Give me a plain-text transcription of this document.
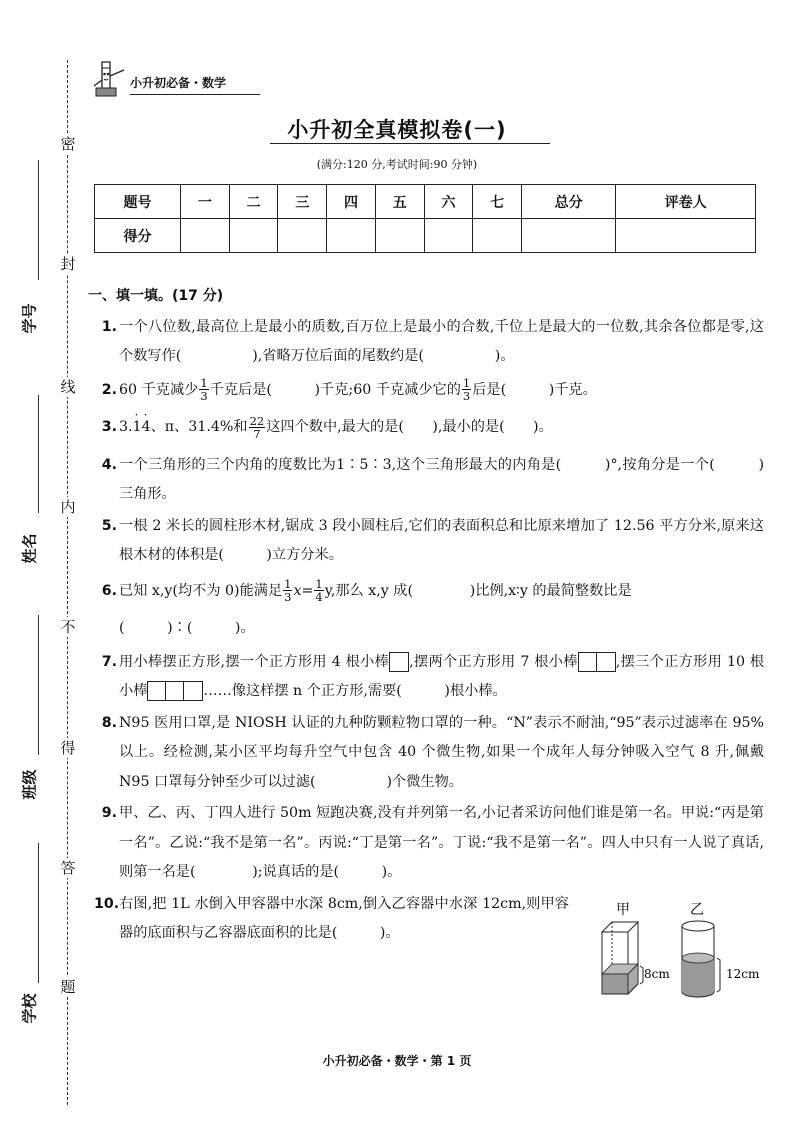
密
封
线
内
不
得
答
题
学号
姓名
班级
学校
小升初必备・数学
小升初全真模拟卷(一)
(满分:120 分,考试时间:90 分钟)
题号	一	二	三	四	五	六	七	总分	评卷人
得分									
一、填一填。(17 分)
1. 一个八位数,最高位上是最小的质数,百万位上是最小的合数,千位上是最大的一位数,其余各位都是零,这个数写作(　　　　　),省略万位后面的尾数约是(　　　　　)。
2. 60 千克减少 $\frac{1}{3}$ 千克后是(　　　)千克;60 千克减少它的 $\frac{1}{3}$ 后是(　　　)千克。
3. 3.· 1· 4、π、31.4%和 $\frac{22}{7}$ 这四个数中,最大的是(　　),最小的是(　　)。
4. 一个三角形的三个内角的度数比为1∶5∶3,这个三角形最大的内角是(　　　)°,按角分是一个(　　　)三角形。
5. 一根 2 米长的圆柱形木材,锯成 3 段小圆柱后,它们的表面积总和比原来增加了 12.56 平方分米,原来这根木材的体积是(　　　)立方分米。
6. 已知 x,y(均不为 0)能满足 $\frac{1}{3} x= \frac{1}{4} y$,那么 x,y 成(　　　　)比例,x∶y 的最简整数比是
(　　　)∶(　　　)。
7. 用小棒摆正方形,摆一个正方形用 4 根小棒 ,摆两个正方形用 7 根小棒	,摆三个正方形用 10 根小棒	……像这样摆 n 个正方形,需要(　　　)根小棒。
8. N95 医用口罩,是 NIOSH 认证的九种防颗粒物口罩的一种。“N”表示不耐油,“95”表示过滤率在 95%以上。经检测,某小区平均每升空气中包含 40 个微生物,如果一个成年人每分钟吸入空气 8 升,佩戴 N95 口罩每分钟至少可以过滤(　　　　　)个微生物。
9. 甲、乙、丙、丁四人进行 50m 短跑决赛,没有并列第一名,小记者采访问他们谁是第一名。甲说:“丙是第一名”。乙说:“我不是第一名”。丙说:“丁是第一名”。丁说:“我不是第一名”。四人中只有一人说了真话,则第一名是(　　　　);说真话的是(　　　)。
10. 右图,把 1L 水倒入甲容器中水深 8cm,倒入乙容器中水深 12cm,则甲容器的底面积与乙容器底面积的比是(　　　)。
甲
8cm
乙
12cm
小升初必备・数学・第 1 页
